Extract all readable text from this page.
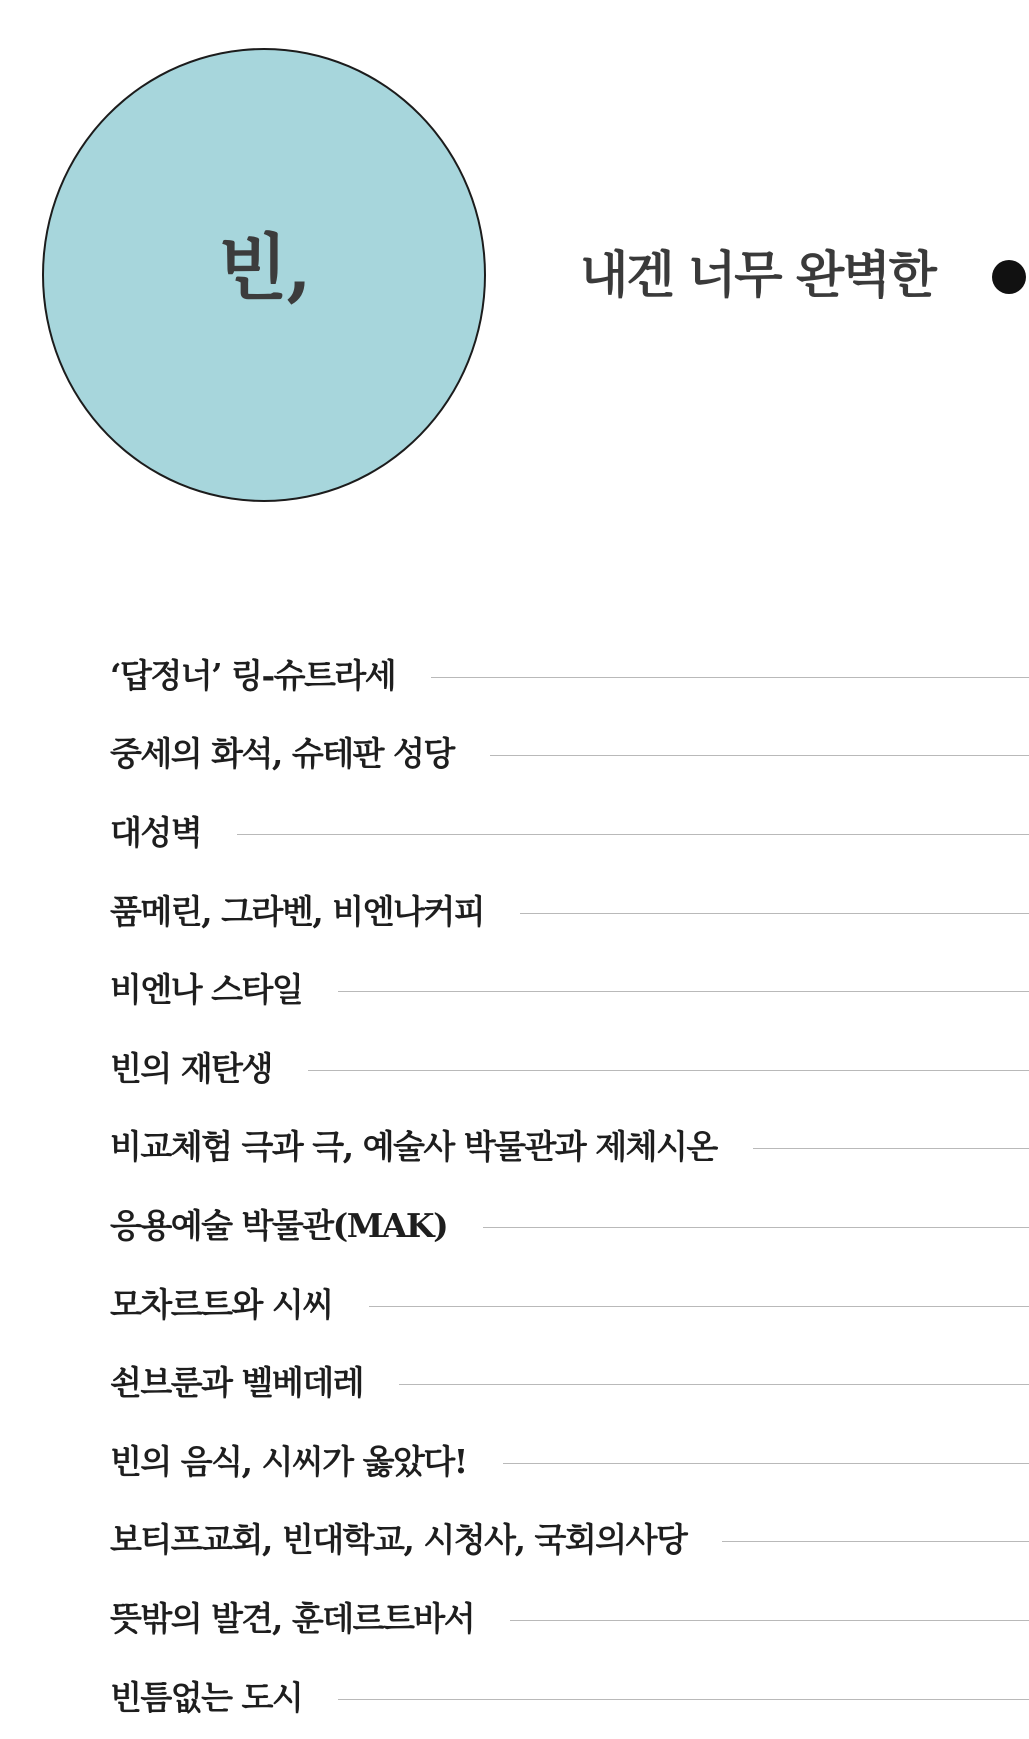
빈,	내겐 너무 완벽한
‘답정너’ 링-슈트라세
중세의 화석, 슈테판 성당
대성벽
품메린, 그라벤, 비엔나커피
비엔나 스타일
빈의 재탄생
비교체험 극과 극, 예술사 박물관과 제체시온
응용예술 박물관(MAK)
모차르트와 시씨
쇤브룬과 벨베데레
빈의 음식, 시씨가 옳았다!
보티프교회, 빈대학교, 시청사, 국회의사당
뜻밖의 발견, 훈데르트바서
빈틈없는 도시
